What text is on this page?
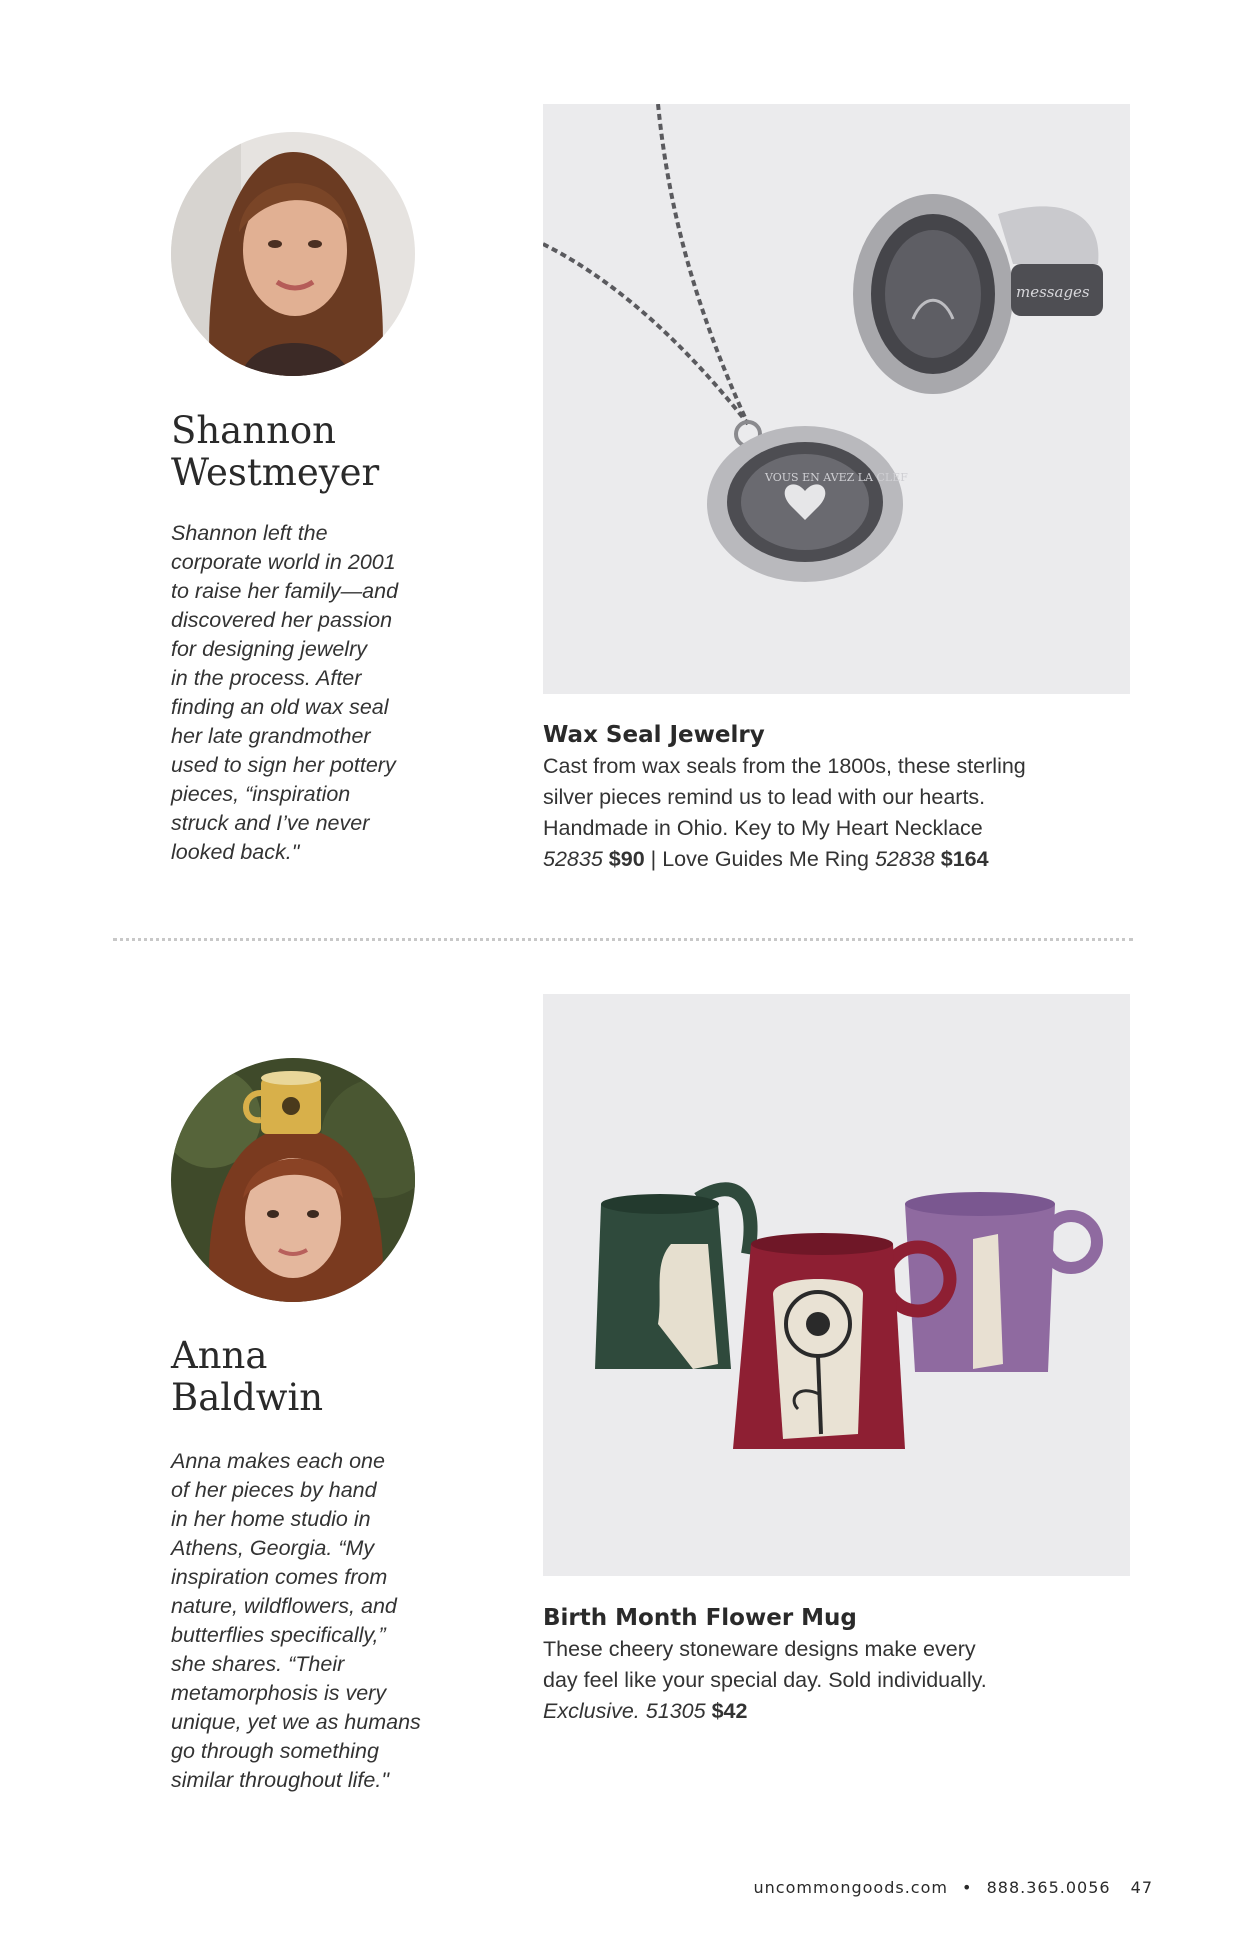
Shannon
Westmeyer
Shannon left the
corporate world in 2001
to raise her family—and
discovered her passion
for designing jewelry
in the process. After
finding an old wax seal
her late grandmother
used to sign her pottery
pieces, “inspiration
struck and I’ve never
looked back."
VOUS EN AVEZ LA CLEF
messages
Wax Seal Jewelry
Cast from wax seals from the 1800s, these sterling
silver pieces remind us to lead with our hearts.
Handmade in Ohio. Key to My Heart Necklace
52835 $90 | Love Guides Me Ring 52838 $164
Anna
Baldwin
Anna makes each one
of her pieces by hand
in her home studio in
Athens, Georgia. “My
inspiration comes from
nature, wildflowers, and
butterflies specifically,”
she shares. “Their
metamorphosis is very
unique, yet we as humans
go through something
similar throughout life."
Birth Month Flower Mug
These cheery stoneware designs make every
day feel like your special day. Sold individually.
Exclusive. 51305 $42
uncommongoods.com • 888.365.0056 47
